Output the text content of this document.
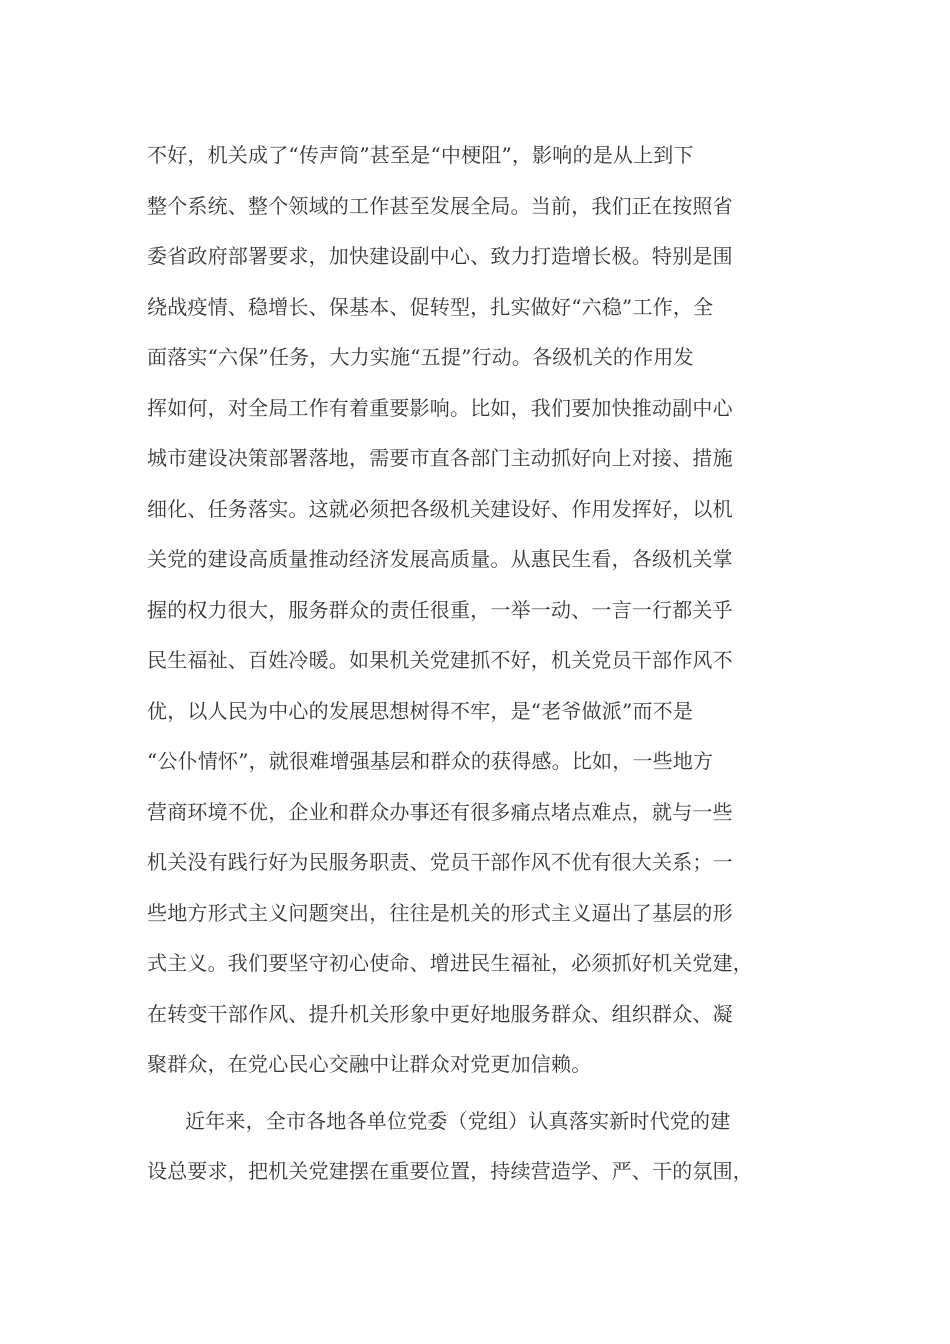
不好，机关成了“传声筒”甚至是“中梗阻”，影响的是从上到下
整个系统、整个领域的工作甚至发展全局。当前，我们正在按照省
委省政府部署要求，加快建设副中心、致力打造增长极。特别是围
绕战疫情、稳增长、保基本、促转型，扎实做好“六稳”工作，全
面落实“六保”任务，大力实施“五提”行动。各级机关的作用发
挥如何，对全局工作有着重要影响。比如，我们要加快推动副中心
城市建设决策部署落地，需要市直各部门主动抓好向上对接、措施
细化、任务落实。这就必须把各级机关建设好、作用发挥好，以机
关党的建设高质量推动经济发展高质量。从惠民生看，各级机关掌
握的权力很大，服务群众的责任很重，一举一动、一言一行都关乎
民生福祉、百姓冷暖。如果机关党建抓不好，机关党员干部作风不
优，以人民为中心的发展思想树得不牢，是“老爷做派”而不是
“公仆情怀”，就很难增强基层和群众的获得感。比如，一些地方
营商环境不优，企业和群众办事还有很多痛点堵点难点，就与一些
机关没有践行好为民服务职责、党员干部作风不优有很大关系；一
些地方形式主义问题突出，往往是机关的形式主义逼出了基层的形
式主义。我们要坚守初心使命、增进民生福祉，必须抓好机关党建，
在转变干部作风、提升机关形象中更好地服务群众、组织群众、凝
聚群众，在党心民心交融中让群众对党更加信赖。
近年来，全市各地各单位党委（党组）认真落实新时代党的建
设总要求，把机关党建摆在重要位置，持续营造学、严、干的氛围，
